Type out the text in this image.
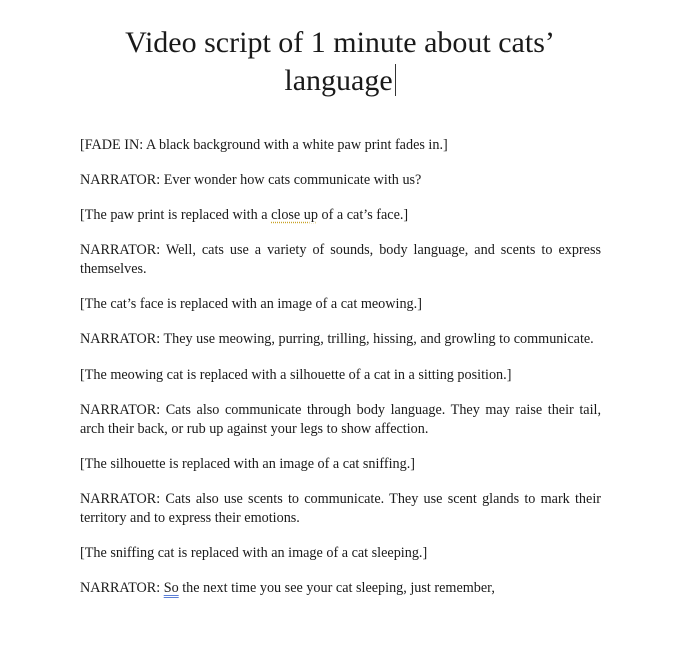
Video script of 1 minute about cats’ language

[FADE IN: A black background with a white paw print fades in.]

NARRATOR: Ever wonder how cats communicate with us?

[The paw print is replaced with a close up of a cat’s face.]

NARRATOR: Well, cats use a variety of sounds, body language, and scents to express themselves.

[The cat’s face is replaced with an image of a cat meowing.]

NARRATOR: They use meowing, purring, trilling, hissing, and growling to communicate.

[The meowing cat is replaced with a silhouette of a cat in a sitting position.]

NARRATOR: Cats also communicate through body language. They may raise their tail, arch their back, or rub up against your legs to show affection.

[The silhouette is replaced with an image of a cat sniffing.]

NARRATOR: Cats also use scents to communicate. They use scent glands to mark their territory and to express their emotions.

[The sniffing cat is replaced with an image of a cat sleeping.]

NARRATOR: So the next time you see your cat sleeping, just remember,
